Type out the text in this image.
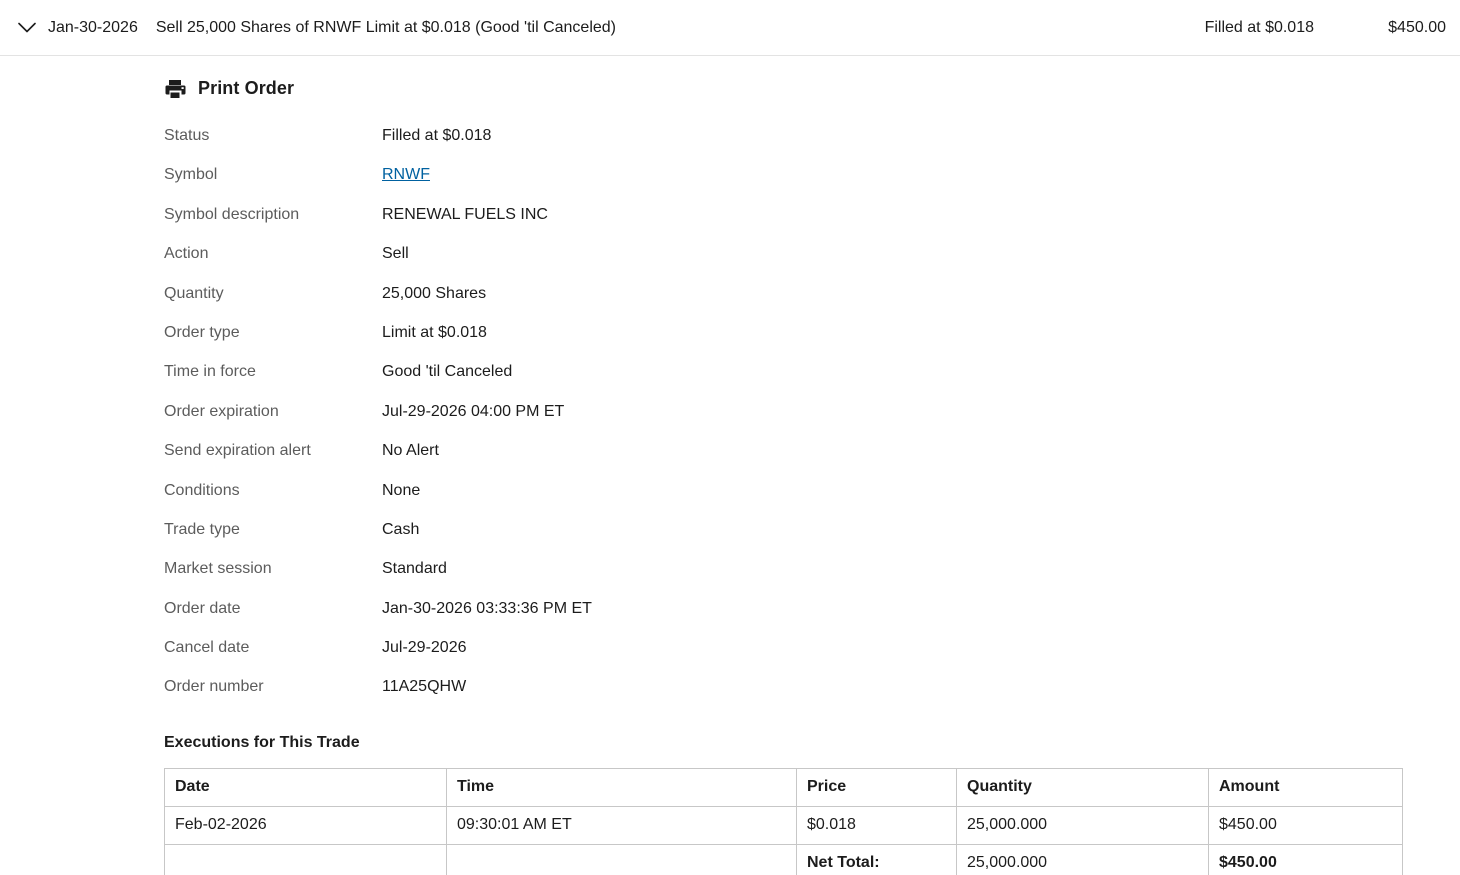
Jan-30-2026 Sell 25,000 Shares of RNWF Limit at $0.018 (Good 'til Canceled)	Filled at $0.018	$450.00
Print Order
Status	Filled at $0.018
Symbol	RNWF
Symbol description	RENEWAL FUELS INC
Action	Sell
Quantity	25,000 Shares
Order type	Limit at $0.018
Time in force	Good 'til Canceled
Order expiration	Jul-29-2026 04:00 PM ET
Send expiration alert	No Alert
Conditions	None
Trade type	Cash
Market session	Standard
Order date	Jan-30-2026 03:33:36 PM ET
Cancel date	Jul-29-2026
Order number	11A25QHW
Executions for This Trade
Date	Time	Price	Quantity	Amount
Feb-02-2026	09:30:01 AM ET	$0.018	25,000.000	$450.00
		Net Total:	25,000.000	$450.00
